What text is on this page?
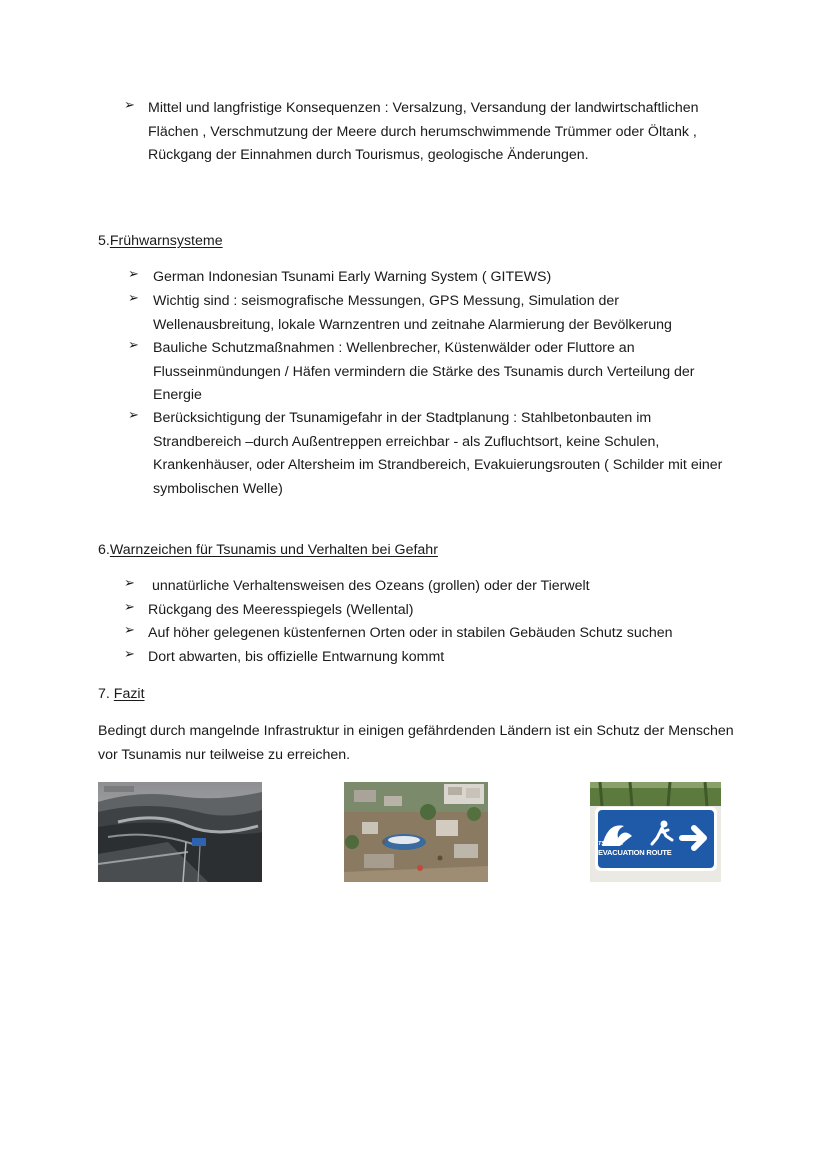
➢ Mittel und langfristige Konsequenzen : Versalzung, Versandung der landwirtschaftlichen Flächen , Verschmutzung der Meere durch herumschwimmende Trümmer oder Öltank , Rückgang der Einnahmen durch Tourismus, geologische Änderungen.
5.Frühwarnsysteme
➢ German Indonesian Tsunami Early Warning System ( GITEWS)
➢ Wichtig sind : seismografische Messungen, GPS Messung, Simulation der Wellenausbreitung, lokale Warnzentren und zeitnahe Alarmierung der Bevölkerung
➢ Bauliche Schutzmaßnahmen : Wellenbrecher, Küstenwälder oder Fluttore an Flusseinmündungen / Häfen vermindern die Stärke des Tsunamis durch Verteilung der Energie
➢ Berücksichtigung der Tsunamigefahr in der Stadtplanung : Stahlbetonbauten im Strandbereich –durch Außentreppen erreichbar - als Zufluchtsort, keine Schulen, Krankenhäuser, oder Altersheim im Strandbereich, Evakuierungsrouten ( Schilder mit einer symbolischen Welle)
6.Warnzeichen für Tsunamis und Verhalten bei Gefahr
➢ unnatürliche Verhaltensweisen des Ozeans (grollen) oder der Tierwelt
➢ Rückgang des Meeresspiegels (Wellental)
➢ Auf höher gelegenen küstenfernen Orten oder in stabilen Gebäuden Schutz suchen
➢ Dort abwarten, bis offizielle Entwarnung kommt
7. Fazit
Bedingt durch mangelnde Infrastruktur in einigen gefährdenden Ländern ist ein Schutz der Menschen vor Tsunamis nur teilweise zu erreichen.
TSUNAMI
EVACUATION ROUTE
